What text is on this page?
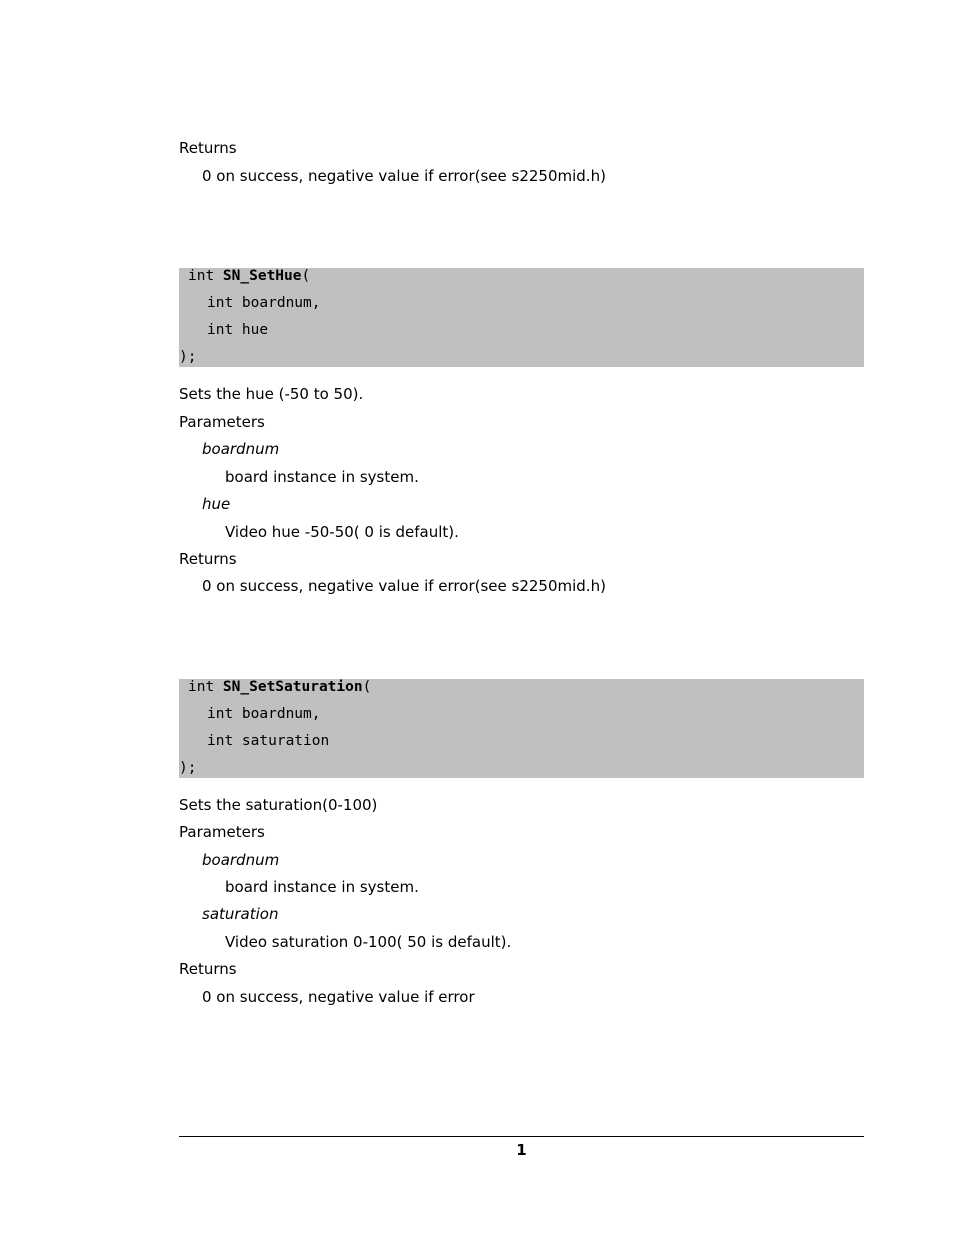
Returns
0 on success, negative value if error(see s2250mid.h)
int SN_SetHue(
int boardnum,
int hue
);
Sets the hue (-50 to 50).
Parameters
boardnum
board instance in system.
hue
Video hue -50-50( 0 is default).
Returns
0 on success, negative value if error(see s2250mid.h)
int SN_SetSaturation(
int boardnum,
int saturation
);
Sets the saturation(0-100)
Parameters
boardnum
board instance in system.
saturation
Video saturation 0-100( 50 is default).
Returns
0 on success, negative value if error
1
